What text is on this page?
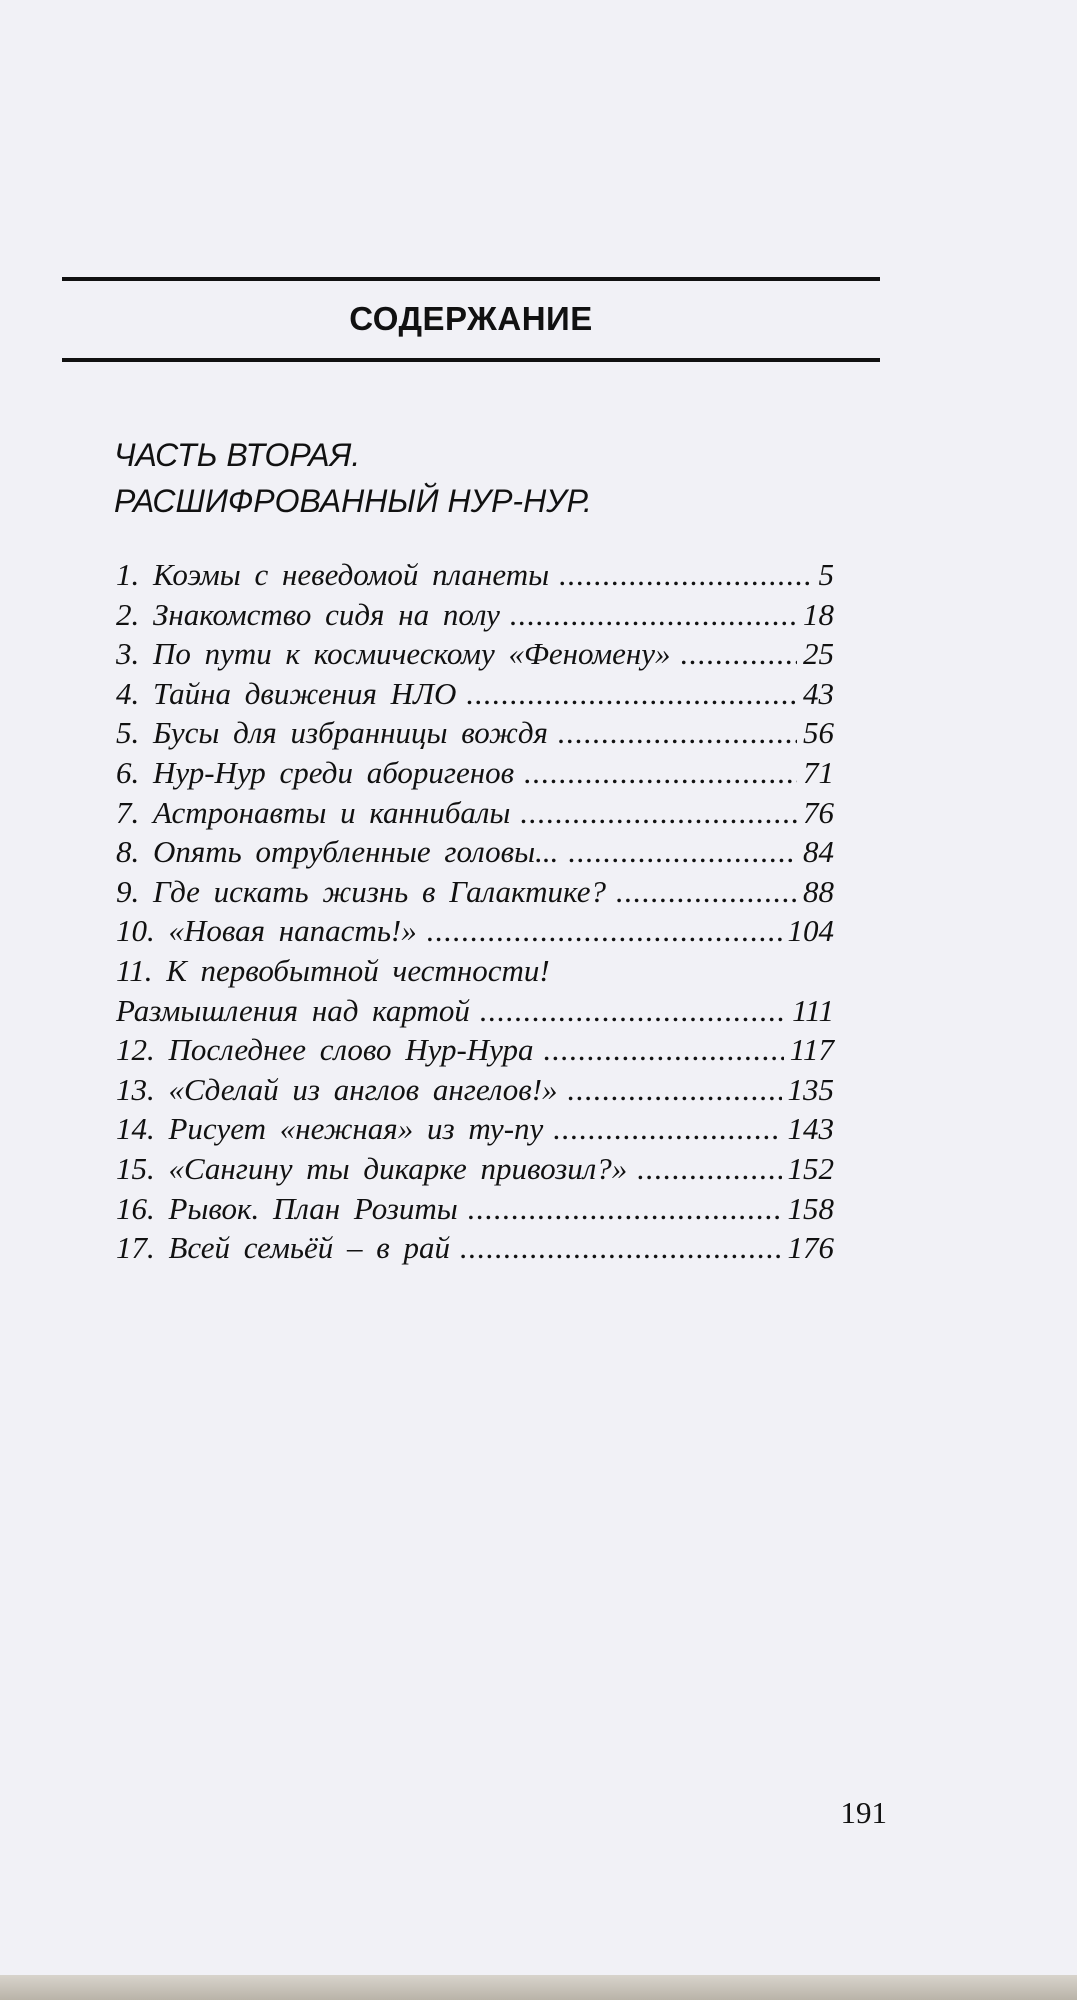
СОДЕРЖАНИЕ
ЧАСТЬ ВТОРАЯ.
РАСШИФРОВАННЫЙ НУР-НУР.
1. Коэмы с неведомой планеты .....	5
2. Знакомство сидя на полу .....	18
3. По пути к космическому «Феномену» .....	25
4. Тайна движения НЛО .....	43
5. Бусы для избранницы вождя .....	56
6. Нур-Нур среди аборигенов .....	71
7. Астронавты и каннибалы .....	76
8. Опять отрубленные головы... .....	84
9. Где искать жизнь в Галактике? .....	88
10. «Новая напасть!» .....	104
11. К первобытной честности!
Размышления над картой .....	111
12. Последнее слово Нур-Нура .....	117
13. «Сделай из англов ангелов!» .....	135
14. Рисует «нежная» из ту-пу .....	143
15. «Сангину ты дикарке привозил?» .....	152
16. Рывок. План Розиты .....	158
17. Всей семьёй – в рай .....	176
191
